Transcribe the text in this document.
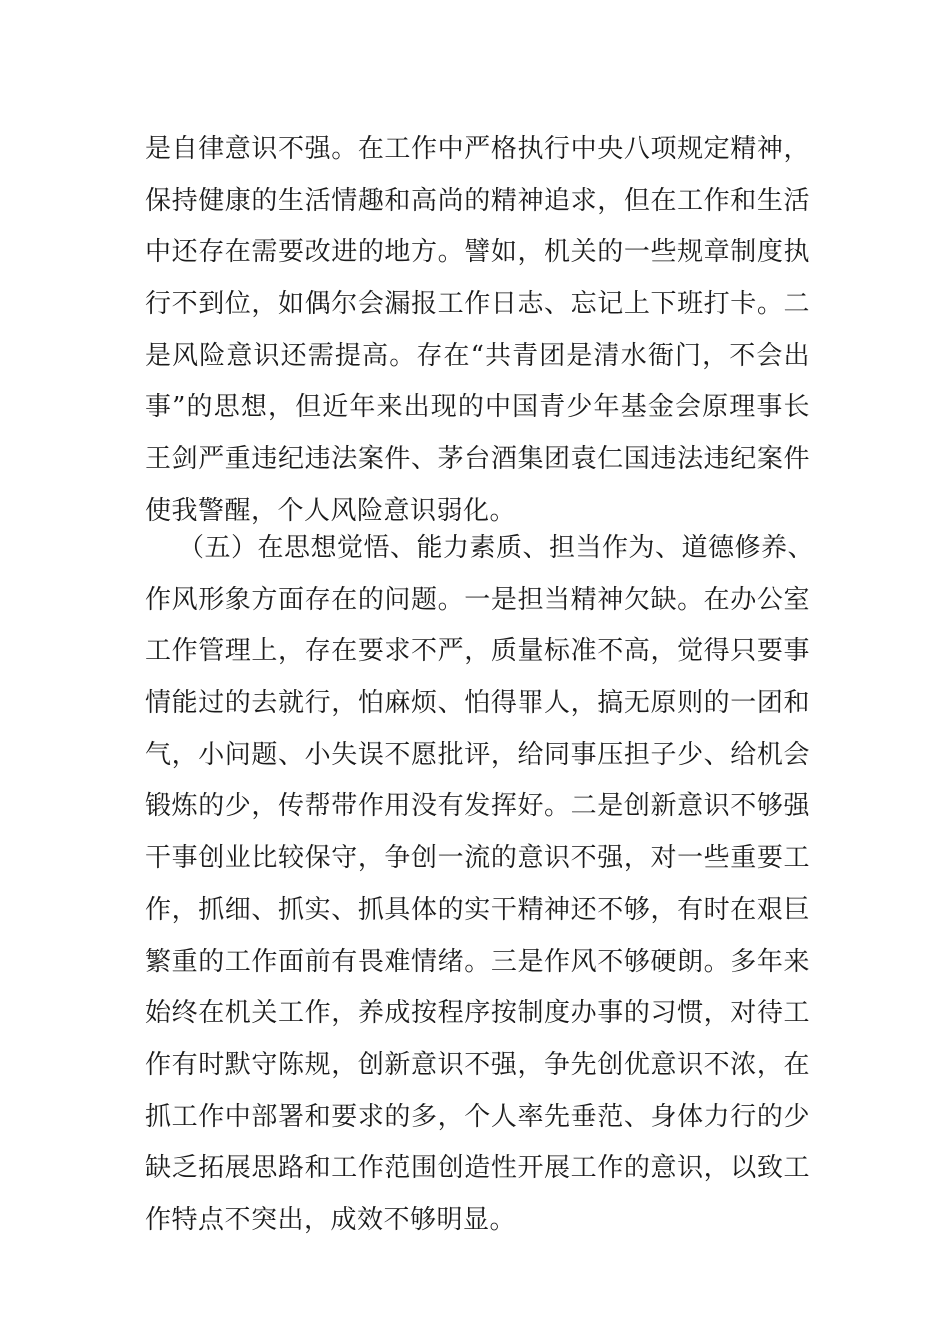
是自律意识不强。在工作中严格执行中央八项规定精神，
保持健康的生活情趣和高尚的精神追求，但在工作和生活
中还存在需要改进的地方。譬如，机关的一些规章制度执
行不到位，如偶尔会漏报工作日志、忘记上下班打卡。二
是风险意识还需提高。存在“共青团是清水衙门，不会出
事”的思想，但近年来出现的中国青少年基金会原理事长
王剑严重违纪违法案件、茅台酒集团袁仁国违法违纪案件
使我警醒，个人风险意识弱化。
（五）在思想觉悟、能力素质、担当作为、道德修养、
作风形象方面存在的问题。一是担当精神欠缺。在办公室
工作管理上，存在要求不严，质量标准不高，觉得只要事
情能过的去就行，怕麻烦、怕得罪人，搞无原则的一团和
气，小问题、小失误不愿批评，给同事压担子少、给机会
锻炼的少，传帮带作用没有发挥好。二是创新意识不够强
干事创业比较保守，争创一流的意识不强，对一些重要工
作，抓细、抓实、抓具体的实干精神还不够，有时在艰巨
繁重的工作面前有畏难情绪。三是作风不够硬朗。多年来
始终在机关工作，养成按程序按制度办事的习惯，对待工
作有时默守陈规，创新意识不强，争先创优意识不浓，在
抓工作中部署和要求的多，个人率先垂范、身体力行的少
缺乏拓展思路和工作范围创造性开展工作的意识，以致工
作特点不突出，成效不够明显。
